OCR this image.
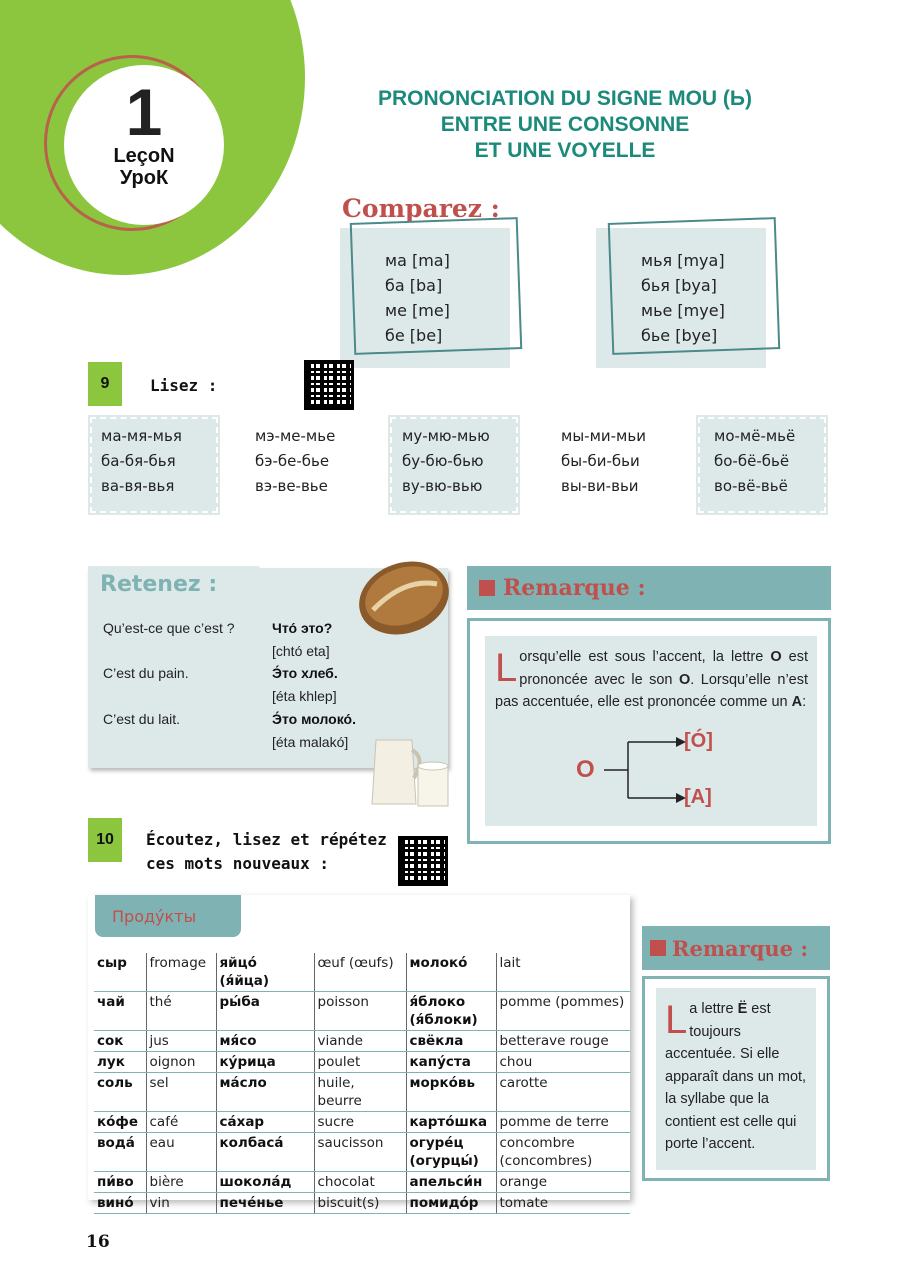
1
LeçoN
УроК
PRONONCIATION DU SIGNE MOU (Ь)
ENTRE UNE CONSONNE
ET UNE VOYELLE
Comparez :
ма [ma]
ба [ba]
ме [me]
бе [be]
мья [mya]
бья [bya]
мье [mye]
бье [bye]
9	Lisez :
ма-мя-мья
ба-бя-бья
ва-вя-вья
мэ-ме-мье
бэ-бе-бье
вэ-ве-вье
му-мю-мью
бу-бю-бью
ву-вю-вью
мы-ми-мьи
бы-би-бьи
вы-ви-вьи
мо-мё-мьё
бо-бё-бьё
во-вё-вьё
Retenez :
Qu’est-ce que c’est ?	Что́ это?
[chtó eta]
C’est du pain.	Э́то хлеб.
[éta khlep]
C’est du lait.	Э́то молоко́.
[éta malakó]
Remarque :
Lorsqu’elle est sous l’accent, la lettre O est prononcée avec le son O. Lorsqu’elle n’est pas accentuée, elle est prononcée comme un A:
O
[Ó]
[A]
10	Écoutez, lisez et répétez
ces mots nouveaux :
Проду́кты
сыр	fromage	яйцо́ (я́йца)	œuf (œufs)	молоко́	lait
чай	thé	ры́ба	poisson	я́блоко (я́блоки)	pomme (pommes)
сок	jus	мя́со	viande	свёкла	betterave rouge
лук	oignon	ку́рица	poulet	капу́ста	chou
соль	sel	ма́сло	huile, beurre	морко́вь	carotte
ко́фе	café	са́хар	sucre	карто́шка	pomme de terre
вода́	eau	колбаса́	saucisson	огуре́ц (огурцы́)	concombre (concombres)
пи́во	bière	шокола́д	chocolat	апельси́н	orange
вино́	vin	пече́нье	biscuit(s)	помидо́р	tomate
Remarque :
La lettre Ë est toujours accentuée. Si elle apparaît dans un mot, la syllabe que la contient est celle qui porte l’accent.
16
